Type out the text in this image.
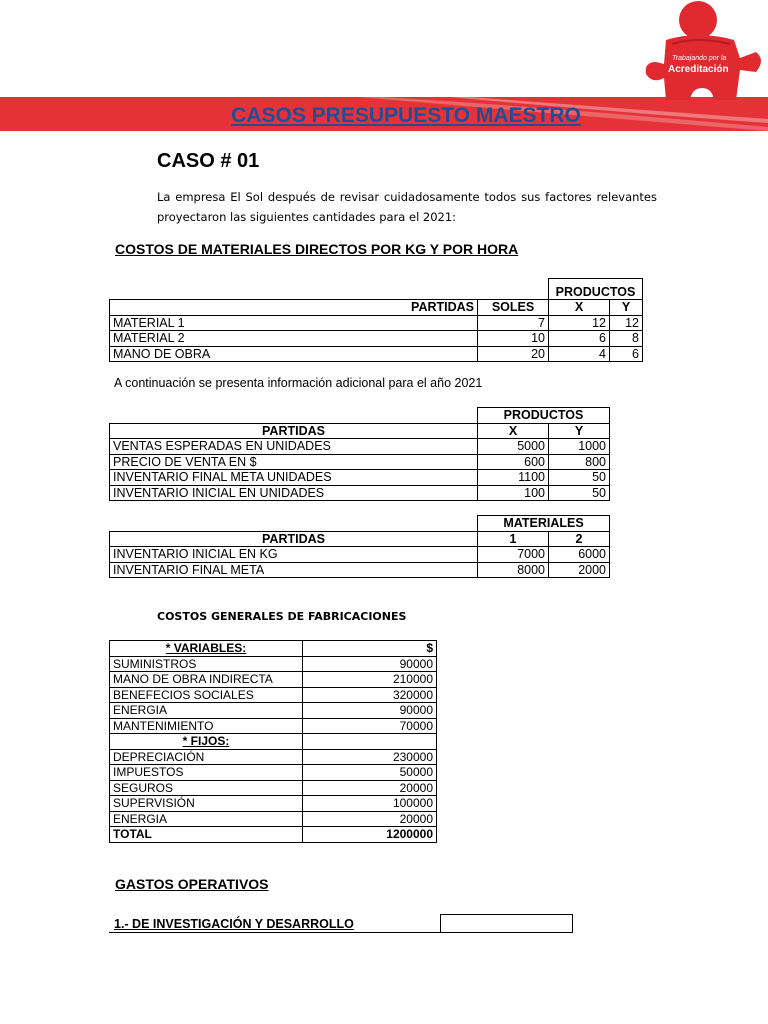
CASOS PRESUPUESTO MAESTRO
Trabajando por la
Acreditación
CASO # 01
La empresa El Sol después de revisar cuidadosamente todos sus factores relevantes proyectaron las siguientes cantidades para el 2021:
COSTOS DE MATERIALES DIRECTOS POR KG Y POR HORA
		PRODUCTOS	
PARTIDAS	SOLES	X	Y
MATERIAL 1	7	12	12
MATERIAL 2	10	6	8
MANO DE OBRA	20	4	6
A continuación se presenta información adicional para el año 2021
	PRODUCTOS	
PARTIDAS	X	Y
VENTAS ESPERADAS EN UNIDADES	5000	1000
PRECIO DE VENTA EN $	600	800
INVENTARIO FINAL META UNIDADES	1100	50
INVENTARIO INICIAL EN UNIDADES	100	50
	MATERIALES	
PARTIDAS	1	2
INVENTARIO INICIAL EN KG	7000	6000
INVENTARIO FINAL META	8000	2000
COSTOS GENERALES DE FABRICACIONES
* VARIABLES:	$
SUMINISTROS	90000
MANO DE OBRA INDIRECTA	210000
BENEFECIOS SOCIALES	320000
ENERGIA	90000
MANTENIMIENTO	70000
* FIJOS:	
DEPRECIACIÓN	230000
IMPUESTOS	50000
SEGUROS	20000
SUPERVISIÓN	100000
ENERGIA	20000
TOTAL	1200000
GASTOS OPERATIVOS
1.- DE INVESTIGACIÓN Y DESARROLLO
